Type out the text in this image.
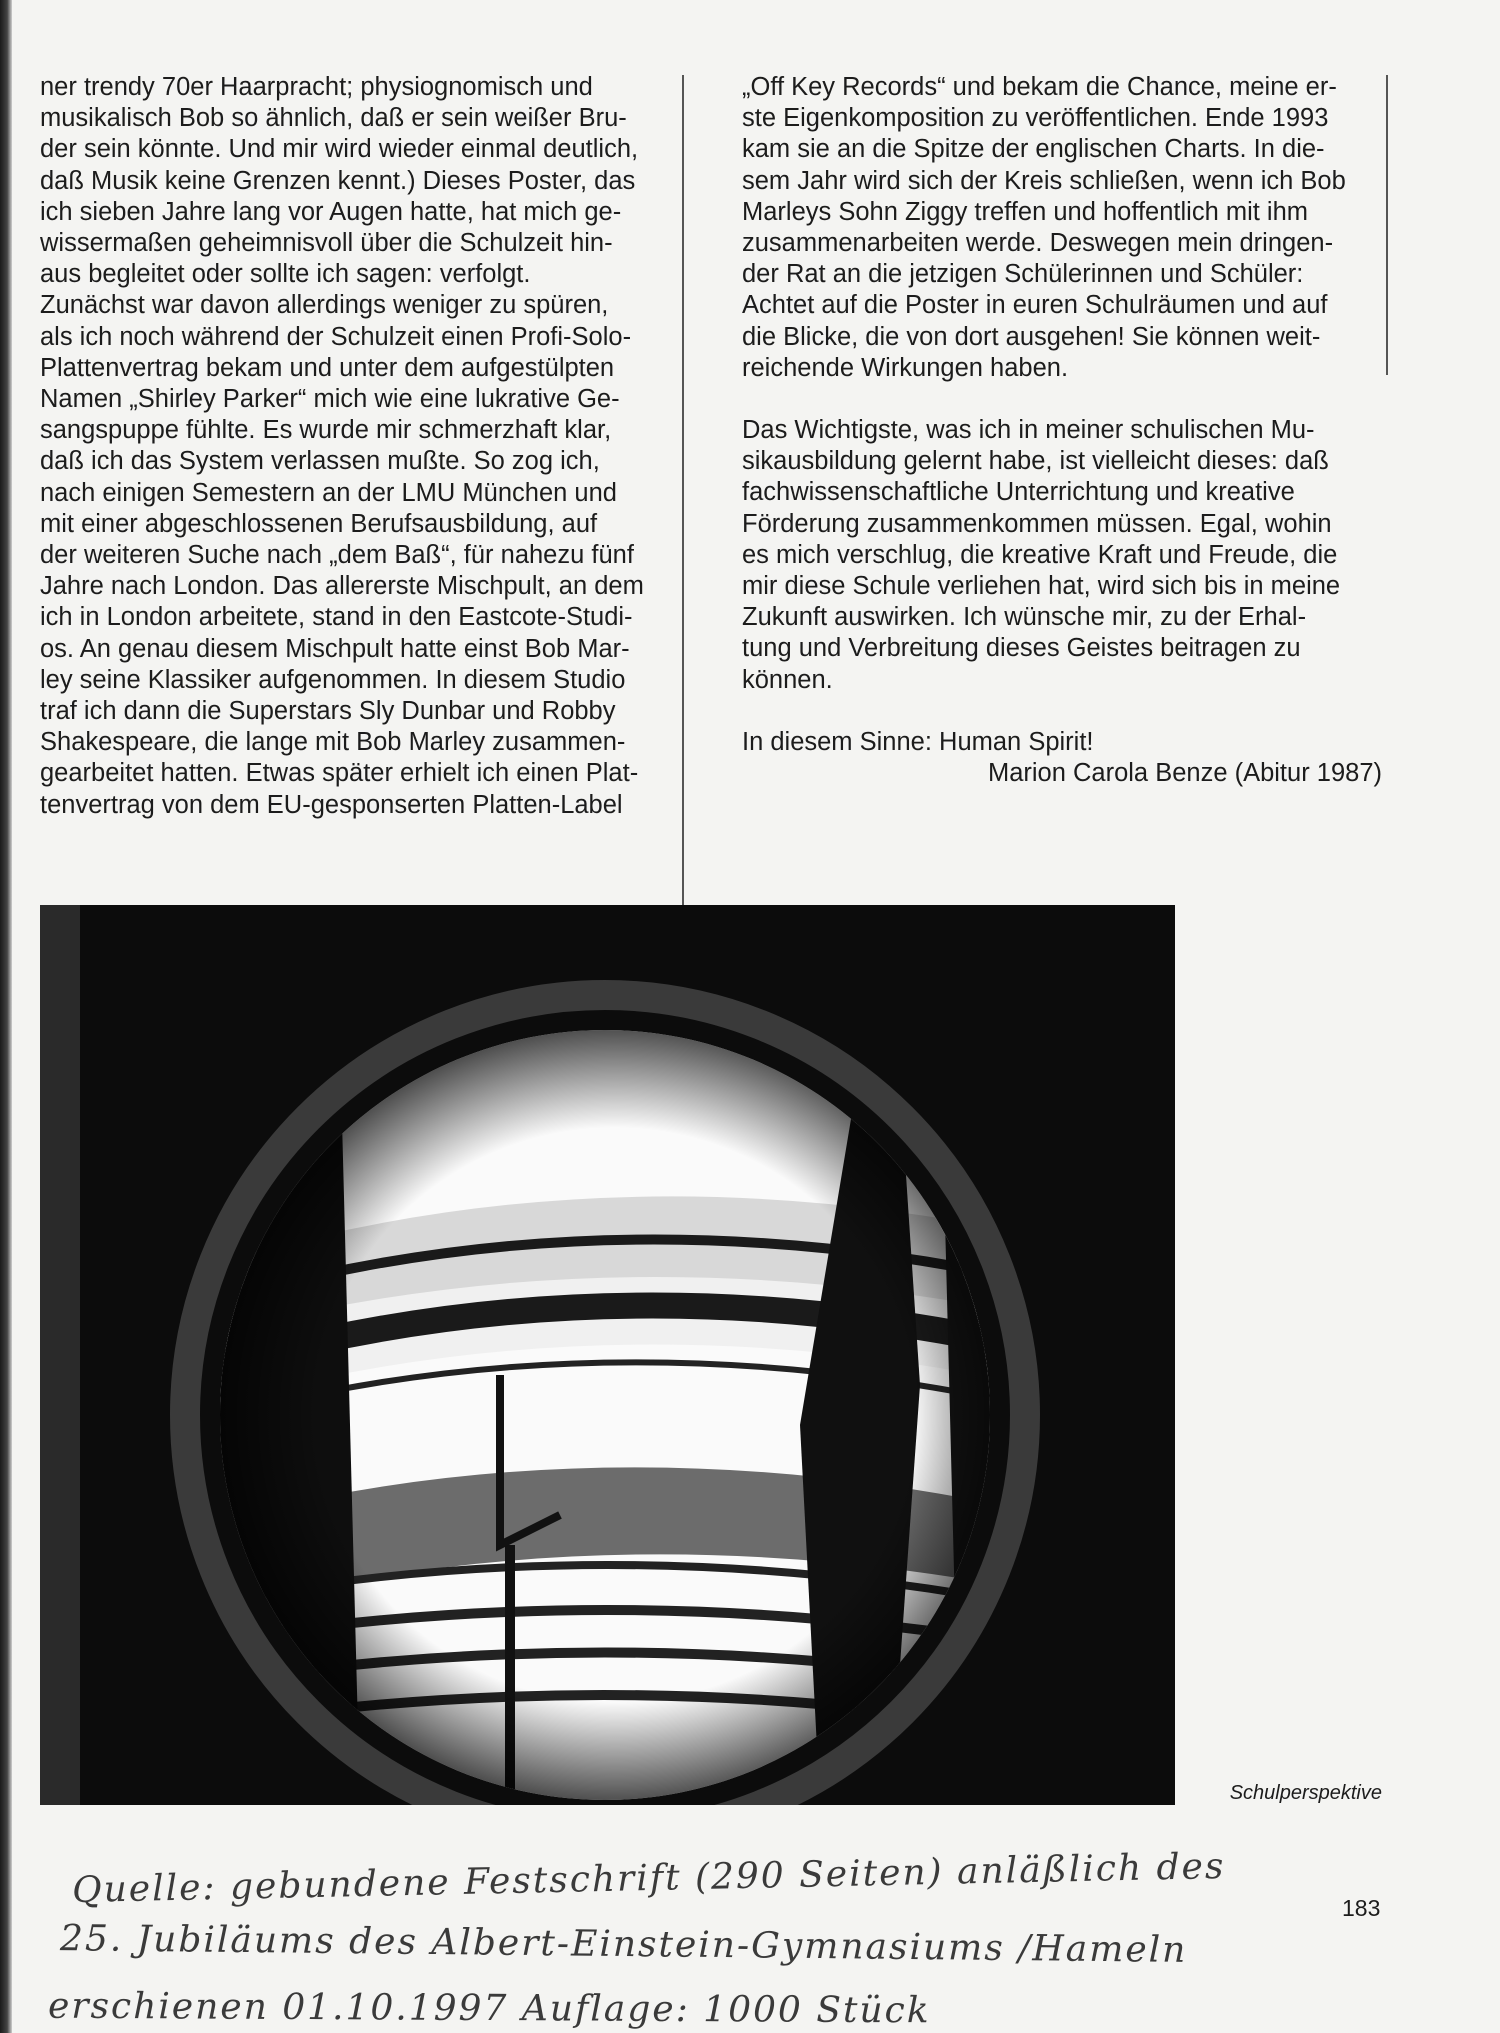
ner trendy 70er Haarpracht; physiognomisch und
musikalisch Bob so ähnlich, daß er sein weißer Bru-
der sein könnte. Und mir wird wieder einmal deutlich,
daß Musik keine Grenzen kennt.) Dieses Poster, das
ich sieben Jahre lang vor Augen hatte, hat mich ge-
wissermaßen geheimnisvoll über die Schulzeit hin-
aus begleitet oder sollte ich sagen: verfolgt.
Zunächst war davon allerdings weniger zu spüren,
als ich noch während der Schulzeit einen Profi-Solo-
Plattenvertrag bekam und unter dem aufgestülpten
Namen „Shirley Parker“ mich wie eine lukrative Ge-
sangspuppe fühlte. Es wurde mir schmerzhaft klar,
daß ich das System verlassen mußte. So zog ich,
nach einigen Semestern an der LMU München und
mit einer abgeschlossenen Berufsausbildung, auf
der weiteren Suche nach „dem Baß“, für nahezu fünf
Jahre nach London. Das allererste Mischpult, an dem
ich in London arbeitete, stand in den Eastcote-Studi-
os. An genau diesem Mischpult hatte einst Bob Mar-
ley seine Klassiker aufgenommen. In diesem Studio
traf ich dann die Superstars Sly Dunbar und Robby
Shakespeare, die lange mit Bob Marley zusammen-
gearbeitet hatten. Etwas später erhielt ich einen Plat-
tenvertrag von dem EU-gesponserten Platten-Label

„Off Key Records“ und bekam die Chance, meine er-
ste Eigenkomposition zu veröffentlichen. Ende 1993
kam sie an die Spitze der englischen Charts. In die-
sem Jahr wird sich der Kreis schließen, wenn ich Bob
Marleys Sohn Ziggy treffen und hoffentlich mit ihm
zusammenarbeiten werde. Deswegen mein dringen-
der Rat an die jetzigen Schülerinnen und Schüler:
Achtet auf die Poster in euren Schulräumen und auf
die Blicke, die von dort ausgehen! Sie können weit-
reichende Wirkungen haben.

Das Wichtigste, was ich in meiner schulischen Mu-
sikausbildung gelernt habe, ist vielleicht dieses: daß
fachwissenschaftliche Unterrichtung und kreative
Förderung zusammenkommen müssen. Egal, wohin
es mich verschlug, die kreative Kraft und Freude, die
mir diese Schule verliehen hat, wird sich bis in meine
Zukunft auswirken. Ich wünsche mir, zu der Erhal-
tung und Verbreitung dieses Geistes beitragen zu
können.

In diesem Sinne: Human Spirit!
Marion Carola Benze (Abitur 1987)
Schulperspektive
183
Quelle: gebundene Festschrift (290 Seiten) anläßlich des
25. Jubiläums des Albert-Einstein-Gymnasiums /Hameln
erschienen 01.10.1997 Auflage: 1000 Stück
